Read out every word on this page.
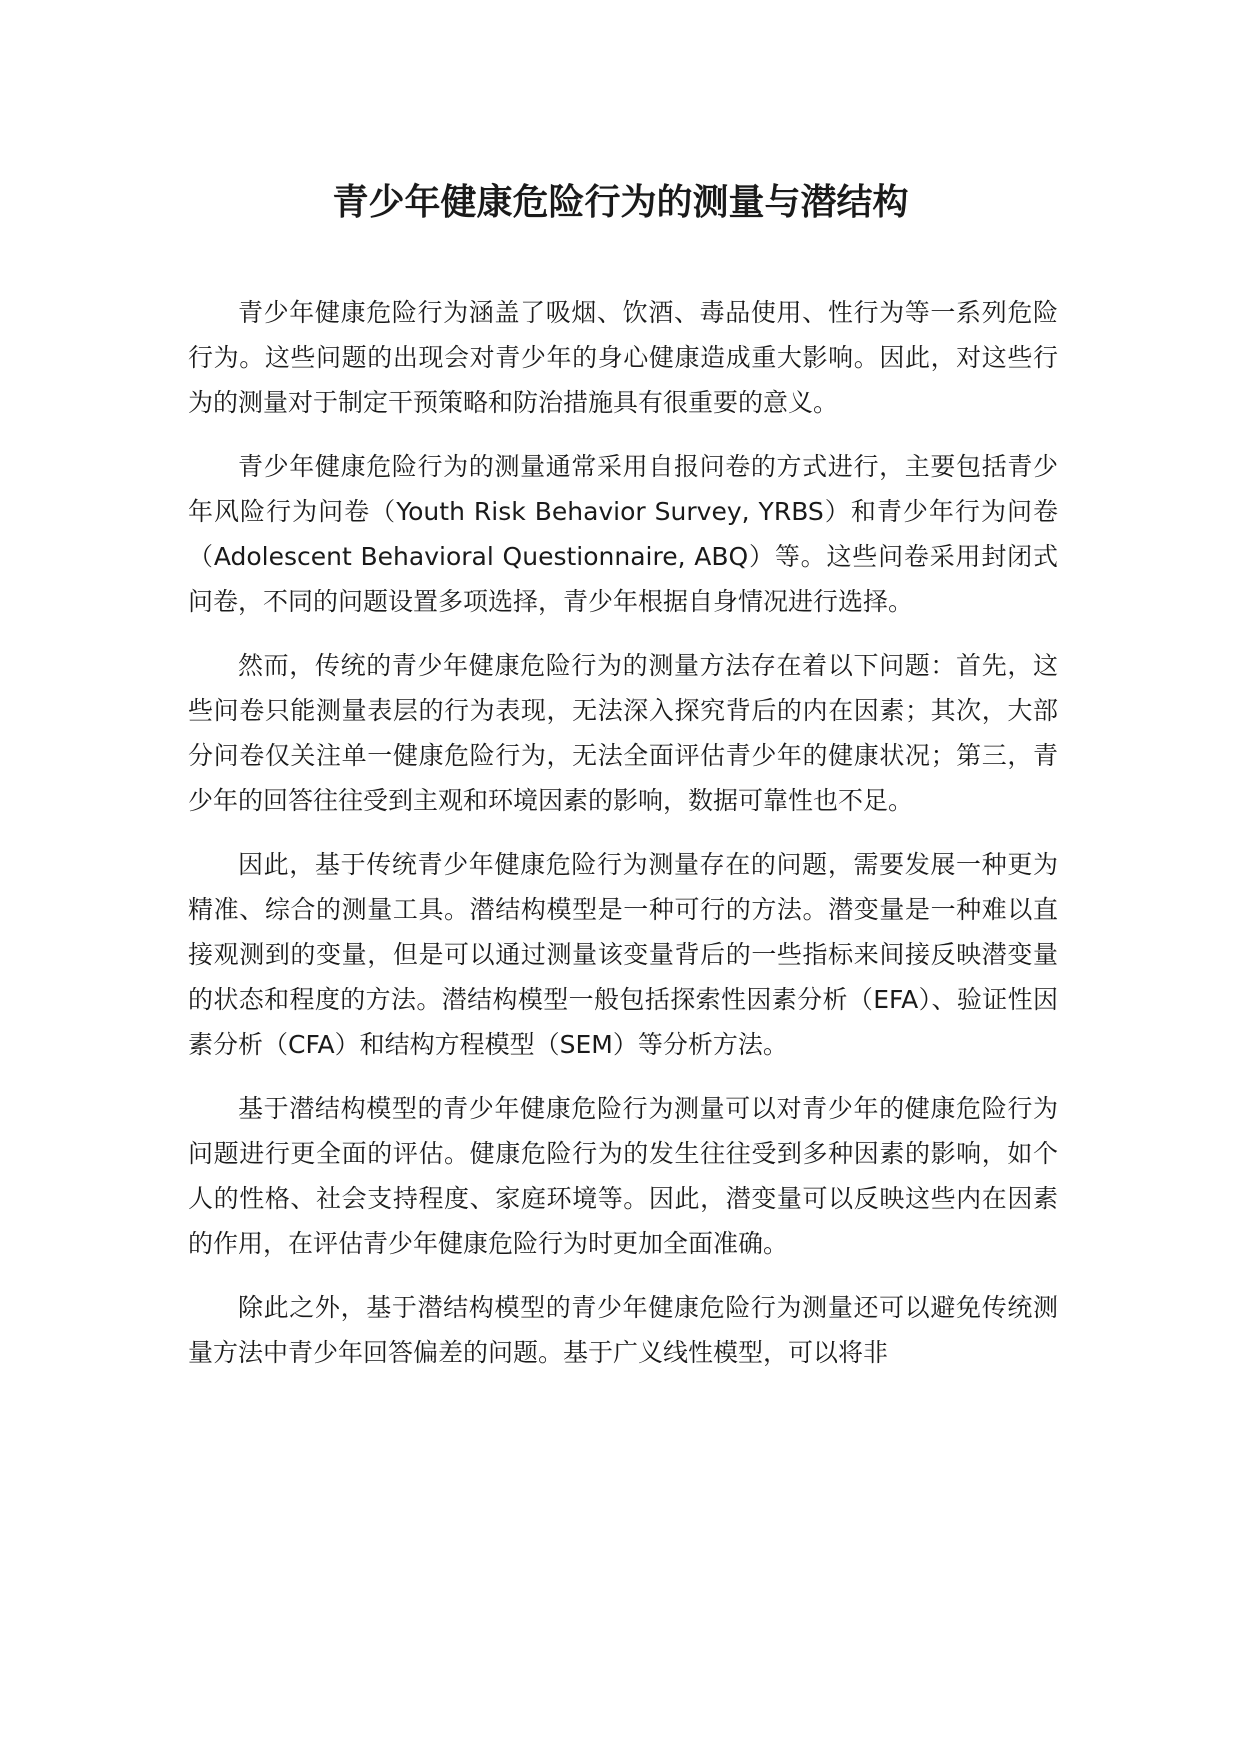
青少年健康危险行为的测量与潜结构

青少年健康危险行为涵盖了吸烟、饮酒、毒品使用、性行为等一系列危险行为。这些问题的出现会对青少年的身心健康造成重大影响。因此，对这些行为的测量对于制定干预策略和防治措施具有很重要的意义。

青少年健康危险行为的测量通常采用自报问卷的方式进行，主要包括青少年风险行为问卷（Youth Risk Behavior Survey, YRBS）和青少年行为问卷（Adolescent Behavioral Questionnaire, ABQ）等。这些问卷采用封闭式问卷，不同的问题设置多项选择，青少年根据自身情况进行选择。

然而，传统的青少年健康危险行为的测量方法存在着以下问题：首先，这些问卷只能测量表层的行为表现，无法深入探究背后的内在因素；其次，大部分问卷仅关注单一健康危险行为，无法全面评估青少年的健康状况；第三，青少年的回答往往受到主观和环境因素的影响，数据可靠性也不足。

因此，基于传统青少年健康危险行为测量存在的问题，需要发展一种更为精准、综合的测量工具。潜结构模型是一种可行的方法。潜变量是一种难以直接观测到的变量，但是可以通过测量该变量背后的一些指标来间接反映潜变量的状态和程度的方法。潜结构模型一般包括探索性因素分析（EFA）、验证性因素分析（CFA）和结构方程模型（SEM）等分析方法。

基于潜结构模型的青少年健康危险行为测量可以对青少年的健康危险行为问题进行更全面的评估。健康危险行为的发生往往受到多种因素的影响，如个人的性格、社会支持程度、家庭环境等。因此，潜变量可以反映这些内在因素的作用，在评估青少年健康危险行为时更加全面准确。

除此之外，基于潜结构模型的青少年健康危险行为测量还可以避免传统测量方法中青少年回答偏差的问题。基于广义线性模型，可以将非
